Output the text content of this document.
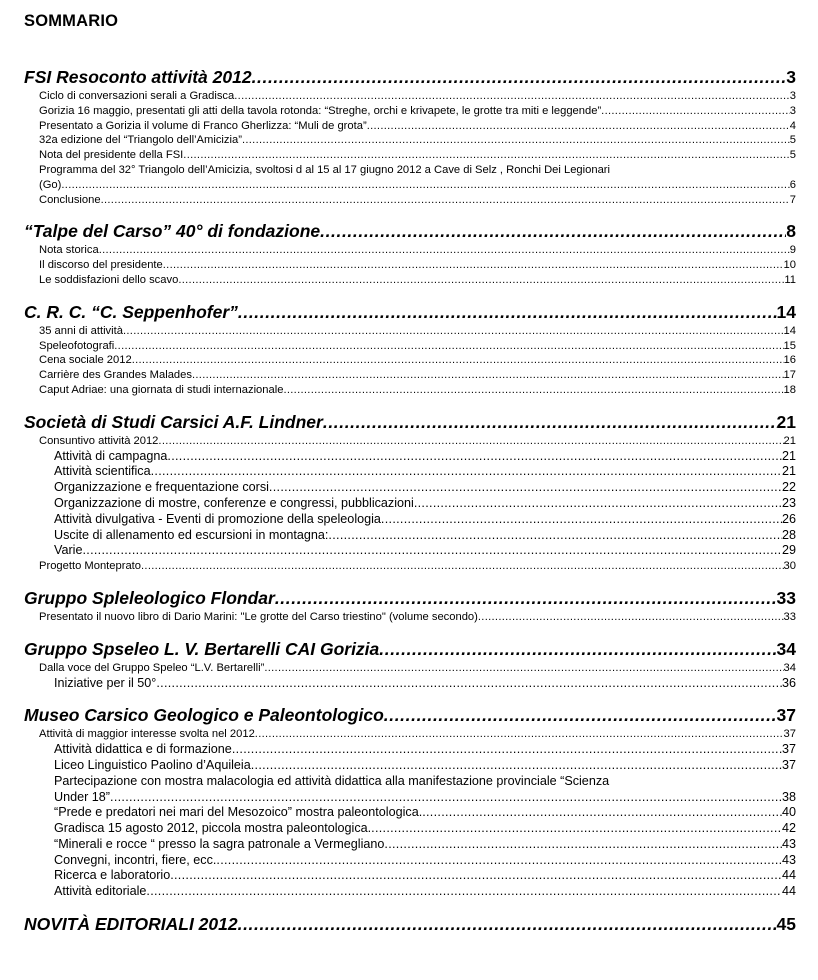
SOMMARIO
FSI Resoconto attività 2012 .....	3
Ciclo di conversazioni serali a Gradisca .....	3
Gorizia 16 maggio, presentati gli atti della tavola rotonda: “Streghe, orchi e krivapete, le grotte tra miti e leggende” .....	3
Presentato a Gorizia il volume di Franco Gherlizza: “Muli de grota” .....	4
32a edizione del “Triangolo dell’Amicizia” .....	5
Nota del presidente della FSI .....	5
Programma del 32° Triangolo dell’Amicizia, svoltosi d al 15 al 17 giugno 2012 a Cave di Selz , Ronchi Dei Legionari
(Go) .....	6
Conclusione .....	7
“Talpe del Carso” 40° di fondazione .....	8
Nota storica .....	9
Il discorso del presidente .....	10
Le soddisfazioni dello scavo .....	11
C. R. C. “C. Seppenhofer” .....	14
35 anni di attività .....	14
Speleofotografi .....	15
Cena sociale 2012 .....	16
Carrière des Grandes Malades .....	17
Caput Adriae: una giornata di studi internazionale .....	18
Società di Studi Carsici A.F. Lindner .....	21
Consuntivo attività 2012 .....	21
Attività di campagna .....	21
Attività scientifica .....	21
Organizzazione e frequentazione corsi .....	22
Organizzazione di mostre, conferenze e congressi, pubblicazioni .....	23
Attività divulgativa - Eventi di promozione della speleologia .....	26
Uscite di allenamento ed escursioni in montagna: .....	28
Varie .....	29
Progetto Monteprato .....	30
Gruppo Spleleologico Flondar .....	33
Presentato il nuovo libro di Dario Marini: "Le grotte del Carso triestino" (volume secondo) .....	33
Gruppo Spseleo L. V. Bertarelli CAI Gorizia .....	34
Dalla voce del Gruppo Speleo “L.V. Bertarelli” .....	34
Iniziative per il 50° .....	36
Museo Carsico Geologico e Paleontologico .....	37
Attività di maggior interesse svolta nel 2012 .....	37
Attività didattica e di formazione .....	37
Liceo Linguistico Paolino d’Aquileia .....	37
Partecipazione con mostra malacologia ed attività didattica alla manifestazione provinciale “Scienza
Under 18” .....	38
“Prede e predatori nei mari del Mesozoico” mostra paleontologica. .....	40
Gradisca 15 agosto 2012, piccola mostra paleontologica. .....	42
“Minerali e rocce “ presso la sagra patronale a Vermegliano .....	43
Convegni, incontri, fiere, ecc. .....	43
Ricerca e laboratorio .....	44
Attività editoriale .....	44
NOVITÀ EDITORIALI 2012 .....	45
